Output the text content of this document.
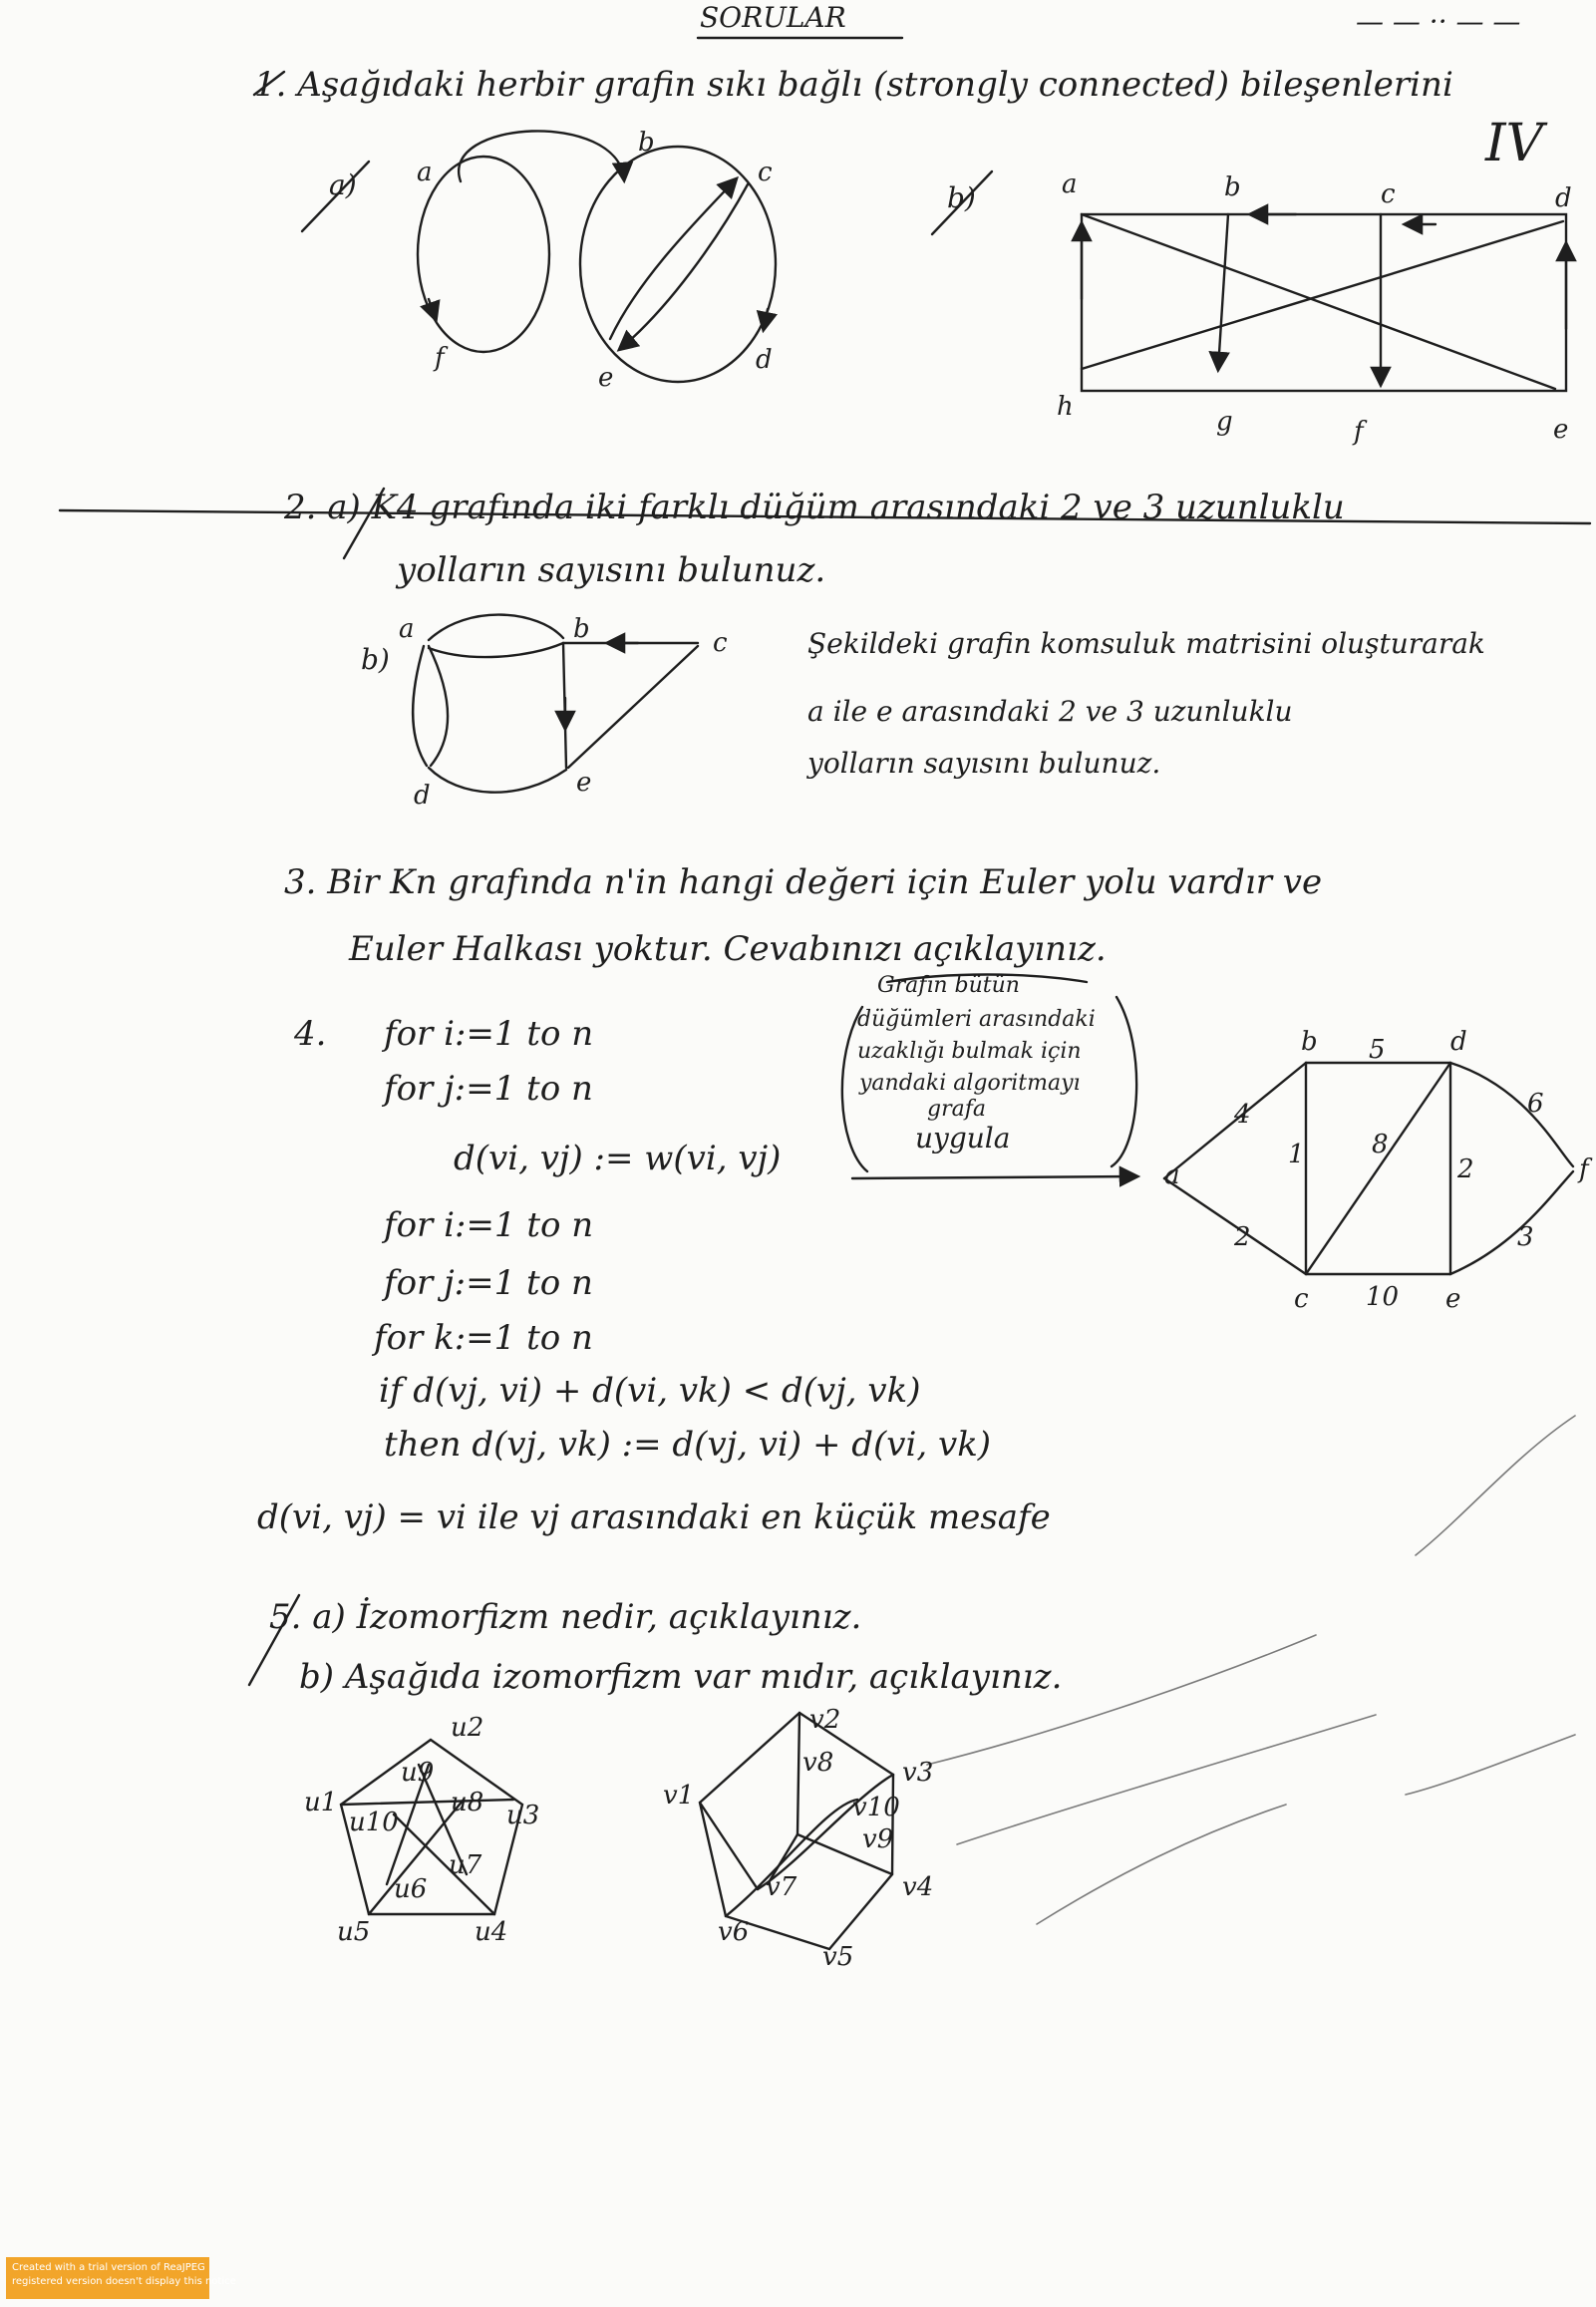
SORULAR	— — ·· — —
1. Aşağıdaki herbir grafin sıkı bağlı (strongly connected) bileşenlerini
IV
a)	b)
a
b
c
d
e
f
a	b	c	d
h	g	f	e
2. a) K4 grafında iki farklı düğüm arasındaki 2 ve 3 uzunluklu
yolların sayısını bulunuz.
b)
a	b	c
d	e
Şekildeki grafin komsuluk matrisini oluşturarak
a ile e arasındaki 2 ve 3 uzunluklu
yolların sayısını bulunuz.
3. Bir Kn grafında n'in hangi değeri için Euler yolu vardır ve
Euler Halkası yoktur. Cevabınızı açıklayınız.
4. for i:=1 to n
for j:=1 to n
d(vi, vj) := w(vi, vj)
for i:=1 to n
for j:=1 to n
for k:=1 to n
if d(vj, vi) + d(vi, vk) < d(vj, vk)
then d(vj, vk) := d(vj, vi) + d(vi, vk)
Grafın bütün
düğümleri arasındaki
uzaklığı bulmak için
yandaki algoritmayı
grafa
uygula
a
b
c
d
e
f
4
2
5
1	8
2
10
6
3
d(vi, vj) = vi ile vj arasındaki en küçük mesafe
5. a) İzomorfizm nedir, açıklayınız.
b) Aşağıda izomorfizm var mıdır, açıklayınız.
u1
u2
u3
u4
u5
u6
u7
u8
u9
u10
v1
v2
v3
v4
v5
v6
v7
v8
v9
v10
Created with a trial version of ReaJPEG
registered version doesn't display this notice
